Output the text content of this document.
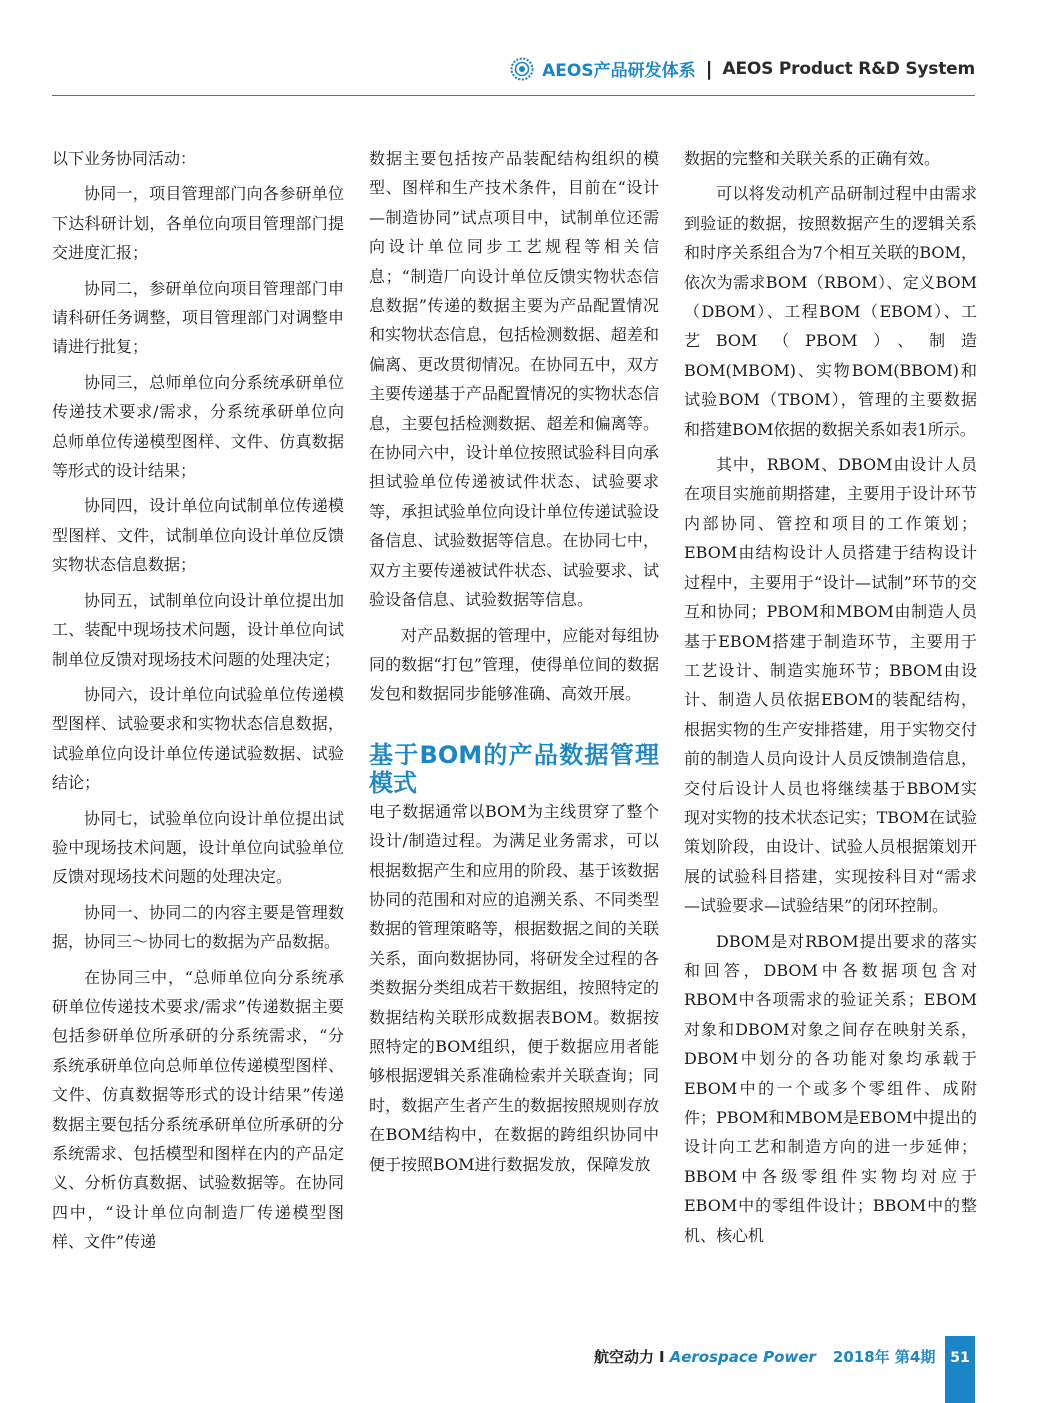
AEOS产品研发体系 | AEOS Product R&D System

以下业务协同活动：

协同一，项目管理部门向各参研单位下达科研计划，各单位向项目管理部门提交进度汇报；

协同二，参研单位向项目管理部门申请科研任务调整，项目管理部门对调整申请进行批复；

协同三，总师单位向分系统承研单位传递技术要求/需求，分系统承研单位向总师单位传递模型图样、文件、仿真数据等形式的设计结果；

协同四，设计单位向试制单位传递模型图样、文件，试制单位向设计单位反馈实物状态信息数据；

协同五，试制单位向设计单位提出加工、装配中现场技术问题，设计单位向试制单位反馈对现场技术问题的处理决定；

协同六，设计单位向试验单位传递模型图样、试验要求和实物状态信息数据，试验单位向设计单位传递试验数据、试验结论；

协同七，试验单位向设计单位提出试验中现场技术问题，设计单位向试验单位反馈对现场技术问题的处理决定。

协同一、协同二的内容主要是管理数据，协同三～协同七的数据为产品数据。

在协同三中，“总师单位向分系统承研单位传递技术要求/需求”传递数据主要包括参研单位所承研的分系统需求，“分系统承研单位向总师单位传递模型图样、文件、仿真数据等形式的设计结果”传递数据主要包括分系统承研单位所承研的分系统需求、包括模型和图样在内的产品定义、分析仿真数据、试验数据等。在协同四中，“设计单位向制造厂传递模型图样、文件”传递

数据主要包括按产品装配结构组织的模型、图样和生产技术条件，目前在“设计—制造协同”试点项目中，试制单位还需向设计单位同步工艺规程等相关信息；“制造厂向设计单位反馈实物状态信息数据”传递的数据主要为产品配置情况和实物状态信息，包括检测数据、超差和偏离、更改贯彻情况。在协同五中，双方主要传递基于产品配置情况的实物状态信息，主要包括检测数据、超差和偏离等。在协同六中，设计单位按照试验科目向承担试验单位传递被试件状态、试验要求等，承担试验单位向设计单位传递试验设备信息、试验数据等信息。在协同七中，双方主要传递被试件状态、试验要求、试验设备信息、试验数据等信息。

对产品数据的管理中，应能对每组协同的数据“打包”管理，使得单位间的数据发包和数据同步能够准确、高效开展。

基于BOM的产品数据管理模式

电子数据通常以BOM为主线贯穿了整个设计/制造过程。为满足业务需求，可以根据数据产生和应用的阶段、基于该数据协同的范围和对应的追溯关系、不同类型数据的管理策略等，根据数据之间的关联关系，面向数据协同，将研发全过程的各类数据分类组成若干数据组，按照特定的数据结构关联形成数据表BOM。数据按照特定的BOM组织，便于数据应用者能够根据逻辑关系准确检索并关联查询；同时，数据产生者产生的数据按照规则存放在BOM结构中，在数据的跨组织协同中便于按照BOM进行数据发放，保障发放

数据的完整和关联关系的正确有效。

可以将发动机产品研制过程中由需求到验证的数据，按照数据产生的逻辑关系和时序关系组合为7个相互关联的BOM，依次为需求BOM（RBOM）、定义BOM（DBOM）、工程BOM（EBOM）、工艺BOM（PBOM）、制造BOM(MBOM)、实物BOM(BBOM)和试验BOM（TBOM），管理的主要数据和搭建BOM依据的数据关系如表1所示。

其中，RBOM、DBOM由设计人员在项目实施前期搭建，主要用于设计环节内部协同、管控和项目的工作策划；EBOM由结构设计人员搭建于结构设计过程中，主要用于“设计—试制”环节的交互和协同；PBOM和MBOM由制造人员基于EBOM搭建于制造环节，主要用于工艺设计、制造实施环节；BBOM由设计、制造人员依据EBOM的装配结构，根据实物的生产安排搭建，用于实物交付前的制造人员向设计人员反馈制造信息，交付后设计人员也将继续基于BBOM实现对实物的技术状态记实；TBOM在试验策划阶段，由设计、试验人员根据策划开展的试验科目搭建，实现按科目对“需求—试验要求—试验结果”的闭环控制。

DBOM是对RBOM提出要求的落实和回答，DBOM中各数据项包含对RBOM中各项需求的验证关系；EBOM对象和DBOM对象之间存在映射关系，DBOM中划分的各功能对象均承载于EBOM中的一个或多个零组件、成附件；PBOM和MBOM是EBOM中提出的设计向工艺和制造方向的进一步延伸；BBOM中各级零组件实物均对应于EBOM中的零组件设计；BBOM中的整机、核心机

航空动力 I Aerospace Power 2018年 第4期 51
